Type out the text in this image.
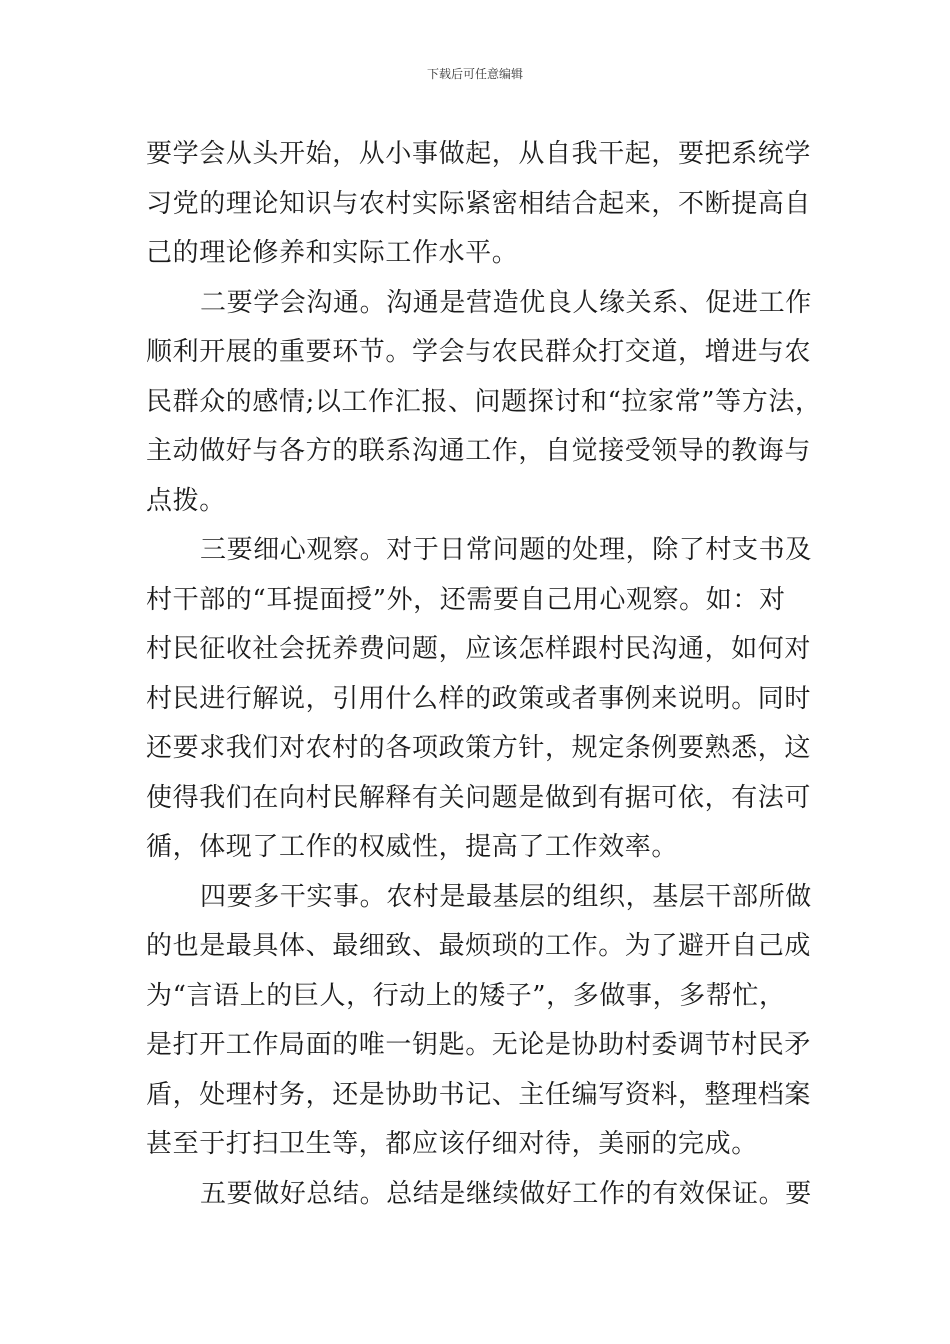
下载后可任意编辑
要学会从头开始，从小事做起，从自我干起，要把系统学
习党的理论知识与农村实际紧密相结合起来，不断提高自
己的理论修养和实际工作水平。
二要学会沟通。沟通是营造优良人缘关系、促进工作
顺利开展的重要环节。学会与农民群众打交道，增进与农
民群众的感情;以工作汇报、问题探讨和“拉家常”等方法，
主动做好与各方的联系沟通工作，自觉接受领导的教诲与
点拨。
三要细心观察。对于日常问题的处理，除了村支书及
村干部的“耳提面授”外，还需要自己用心观察。如：对
村民征收社会抚养费问题，应该怎样跟村民沟通，如何对
村民进行解说，引用什么样的政策或者事例来说明。同时
还要求我们对农村的各项政策方针，规定条例要熟悉，这
使得我们在向村民解释有关问题是做到有据可依，有法可
循，体现了工作的权威性，提高了工作效率。
四要多干实事。农村是最基层的组织，基层干部所做
的也是最具体、最细致、最烦琐的工作。为了避开自己成
为“言语上的巨人，行动上的矮子”，多做事，多帮忙，
是打开工作局面的唯一钥匙。无论是协助村委调节村民矛
盾，处理村务，还是协助书记、主任编写资料，整理档案
甚至于打扫卫生等，都应该仔细对待，美丽的完成。
五要做好总结。总结是继续做好工作的有效保证。要
